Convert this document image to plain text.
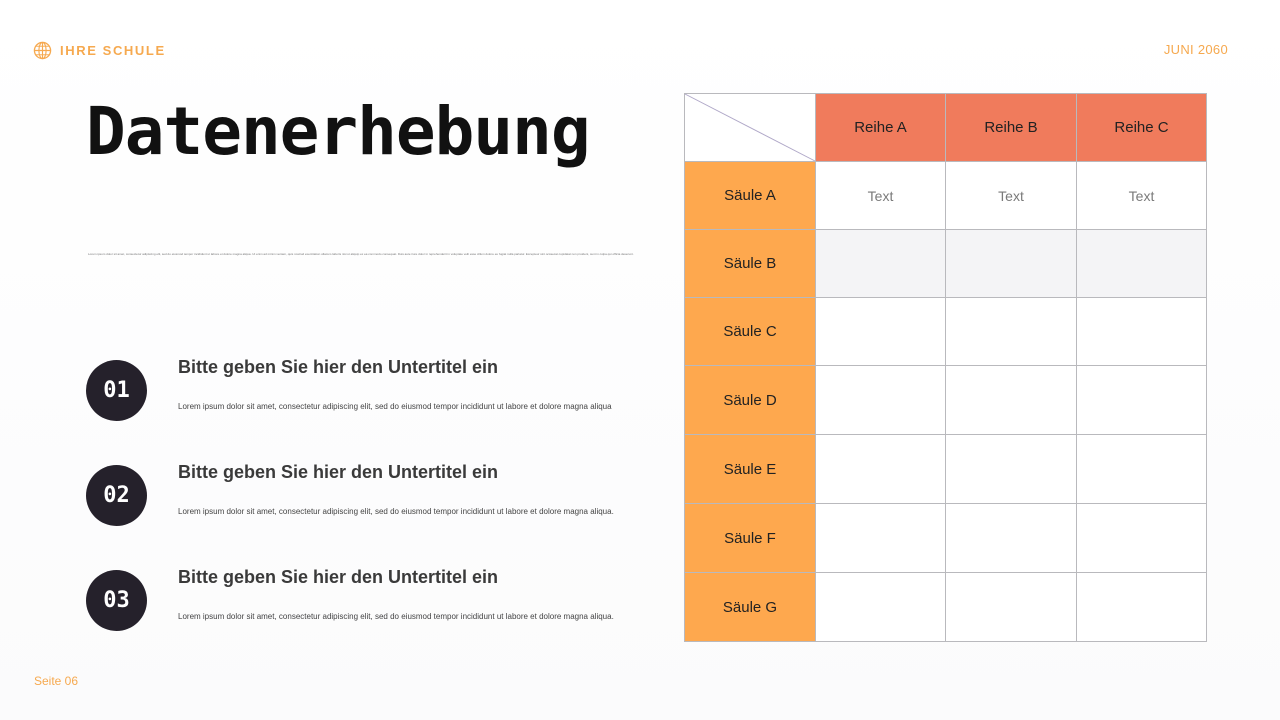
IHRE SCHULE	JUNI 2060
Datenerhebung
Lorem ipsum dolor sit amet, consectetur adipiscing elit, sed do eiusmod tempor incididunt ut labore et dolore magna aliqua. Ut enim ad minim veniam, quis nostrud exercitation ullamco laboris nisi ut aliquip ex ea commodo consequat. Duis aute irure dolor in reprehenderit in voluptate velit esse cillum dolore eu fugiat nulla pariatur. Excepteur sint occaecat cupidatat non proident, sunt in culpa qui officia deserunt.
01
Bitte geben Sie hier den Untertitel ein
Lorem ipsum dolor sit amet, consectetur adipiscing elit, sed do eiusmod tempor incididunt ut labore et dolore magna aliqua
02
Bitte geben Sie hier den Untertitel ein
Lorem ipsum dolor sit amet, consectetur adipiscing elit, sed do eiusmod tempor incididunt ut labore et dolore magna aliqua.
03
Bitte geben Sie hier den Untertitel ein
Lorem ipsum dolor sit amet, consectetur adipiscing elit, sed do eiusmod tempor incididunt ut labore et dolore magna aliqua.
	Reihe A	Reihe B	Reihe C
Säule A	Text	Text	Text
Säule B			
Säule C			
Säule D			
Säule E			
Säule F			
Säule G			
Seite 06
